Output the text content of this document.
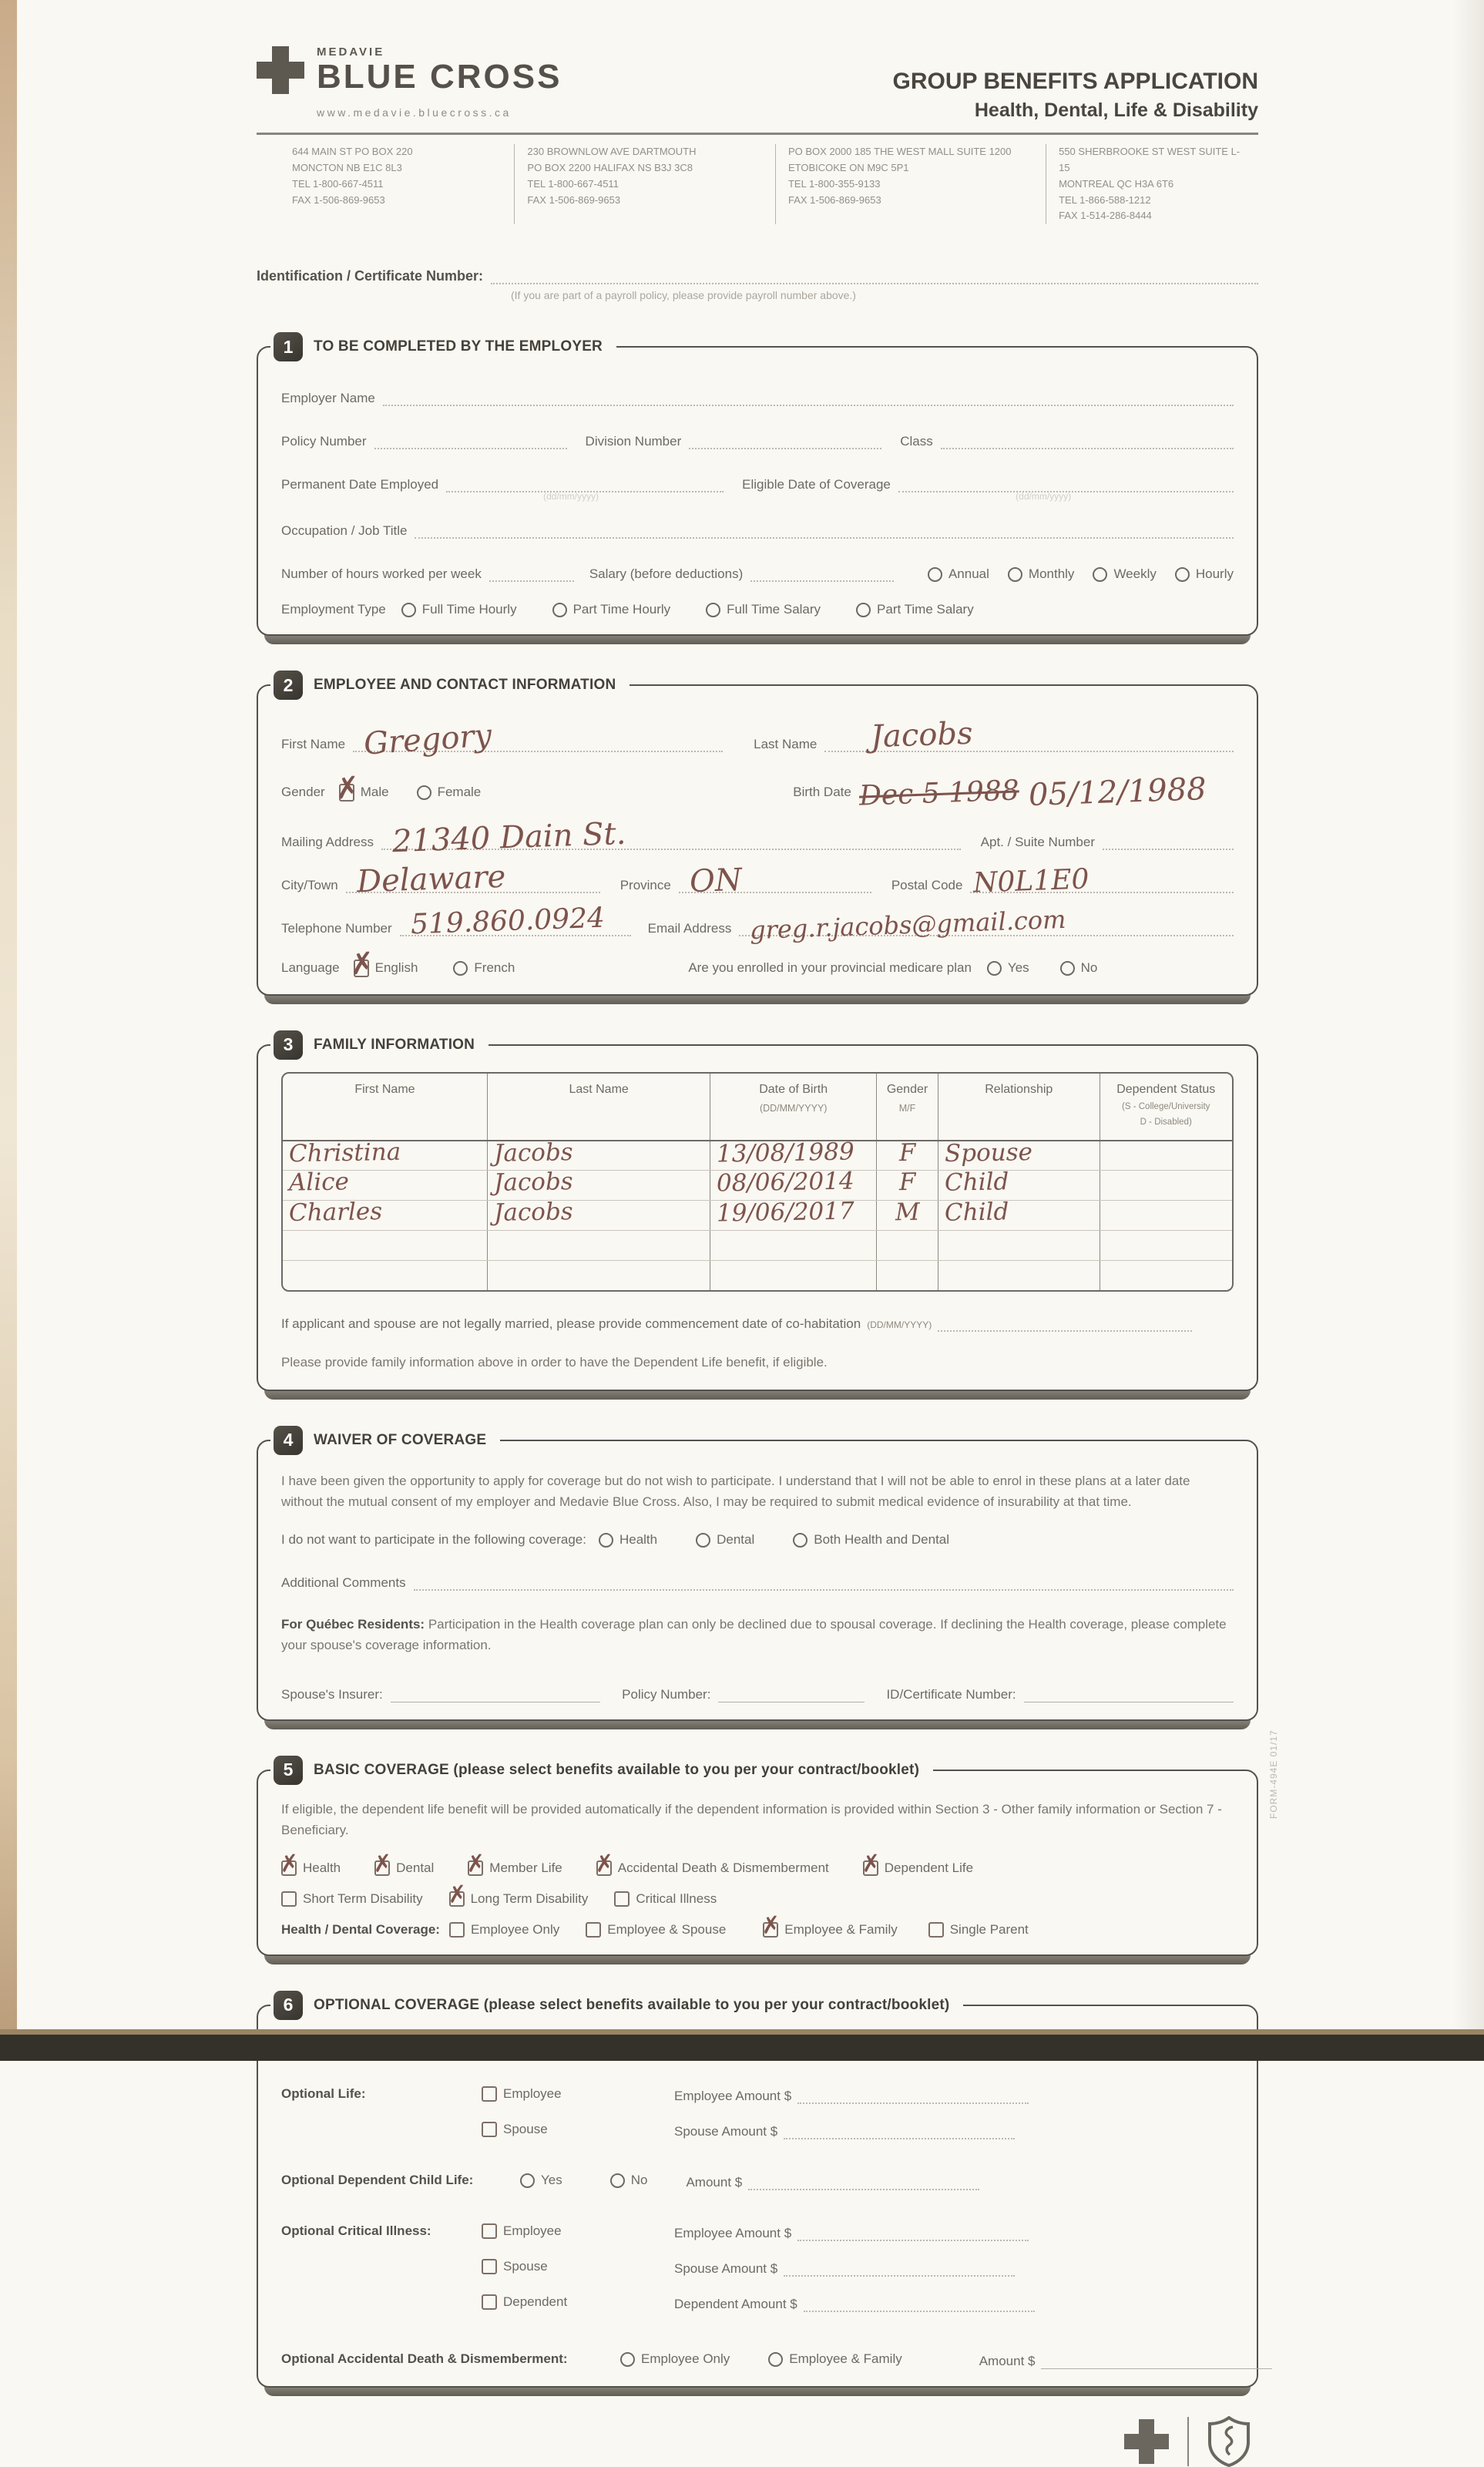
MEDAVIE
BLUE CROSS
www.medavie.bluecross.ca
GROUP BENEFITS APPLICATION
Health, Dental, Life & Disability
644 MAIN ST PO BOX 220
MONCTON NB E1C 8L3
TEL 1-800-667-4511
FAX 1-506-869-9653
230 BROWNLOW AVE DARTMOUTH
PO BOX 2200 HALIFAX NS B3J 3C8
TEL 1-800-667-4511
FAX 1-506-869-9653
PO BOX 2000 185 THE WEST MALL SUITE 1200
ETOBICOKE ON M9C 5P1
TEL 1-800-355-9133
FAX 1-506-869-9653
550 SHERBROOKE ST WEST SUITE L-15
MONTREAL QC H3A 6T6
TEL 1-866-588-1212
FAX 1-514-286-8444
Identification / Certificate Number:
(If you are part of a payroll policy, please provide payroll number above.)
1	TO BE COMPLETED BY THE EMPLOYER
Employer Name
Policy Number	Division Number	Class
Permanent Date Employed
(dd/mm/yyyy)
Eligible Date of Coverage
(dd/mm/yyyy)
Occupation / Job Title
Number of hours worked per week	Salary (before deductions)	Annual	Monthly	Weekly	Hourly
Employment Type	Full Time Hourly	Part Time Hourly	Full Time Salary	Part Time Salary
2	EMPLOYEE AND CONTACT INFORMATION
First Name Gregory	Last Name Jacobs
Gender ✗
Male	Female	Birth Date Dec 5 1988 05/12/1988
Mailing Address 21340 Dain St.	Apt. / Suite Number
City/Town Delaware	Province ON	Postal Code N0L1E0
Telephone Number 519.860.0924	Email Address greg.r.jacobs@gmail.com
Language ✗
English	French	Are you enrolled in your provincial medicare plan	Yes	No
3	FAMILY INFORMATION
First Name	Last Name	Date of Birth
(DD/MM/YYYY)
Gender
M/F
Relationship	Dependent Status
(S - College/University
D - Disabled)
Christina	Jacobs	13/08/1989	F	Spouse
Alice	Jacobs	08/06/2014	F	Child
Charles	Jacobs	19/06/2017	M	Child
If applicant and spouse are not legally married, please provide commencement date of co-habitation (DD/MM/YYYY)
Please provide family information above in order to have the Dependent Life benefit, if eligible.
4	WAIVER OF COVERAGE
I have been given the opportunity to apply for coverage but do not wish to participate. I understand that I will not be able to enrol in these plans at a later date without the mutual consent of my employer and Medavie Blue Cross. Also, I may be required to submit medical evidence of insurability at that time.
I do not want to participate in the following coverage:	Health	Dental	Both Health and Dental
Additional Comments
For Québec Residents: Participation in the Health coverage plan can only be declined due to spousal coverage. If declining the Health coverage, please complete your spouse's coverage information.
Spouse's Insurer:	Policy Number:	ID/Certificate Number:
5	BASIC COVERAGE (please select benefits available to you per your contract/booklet)
If eligible, the dependent life benefit will be provided automatically if the dependent information is provided within Section 3 - Other family information or Section 7 - Beneficiary.
✗ Health ✗ Dental ✗ Member Life ✗ Accidental Death & Dismemberment ✗ Dependent Life
Short Term Disability ✗ Long Term Disability	Critical Illness
Health / Dental Coverage: Employee Only	Employee & Spouse ✗ Employee & Family	Single Parent
6	OPTIONAL COVERAGE (please select benefits available to you per your contract/booklet)
Optional Life:	Employee	Employee Amount $
Spouse	Spouse Amount $
Optional Dependent Child Life:	Yes	No	Amount $
Optional Critical Illness:	Employee	Employee Amount $
Spouse	Spouse Amount $
Dependent	Dependent Amount $
Optional Accidental Death & Dismemberment:	Employee Only	Employee & Family	Amount $
FORM-494E 01/17
